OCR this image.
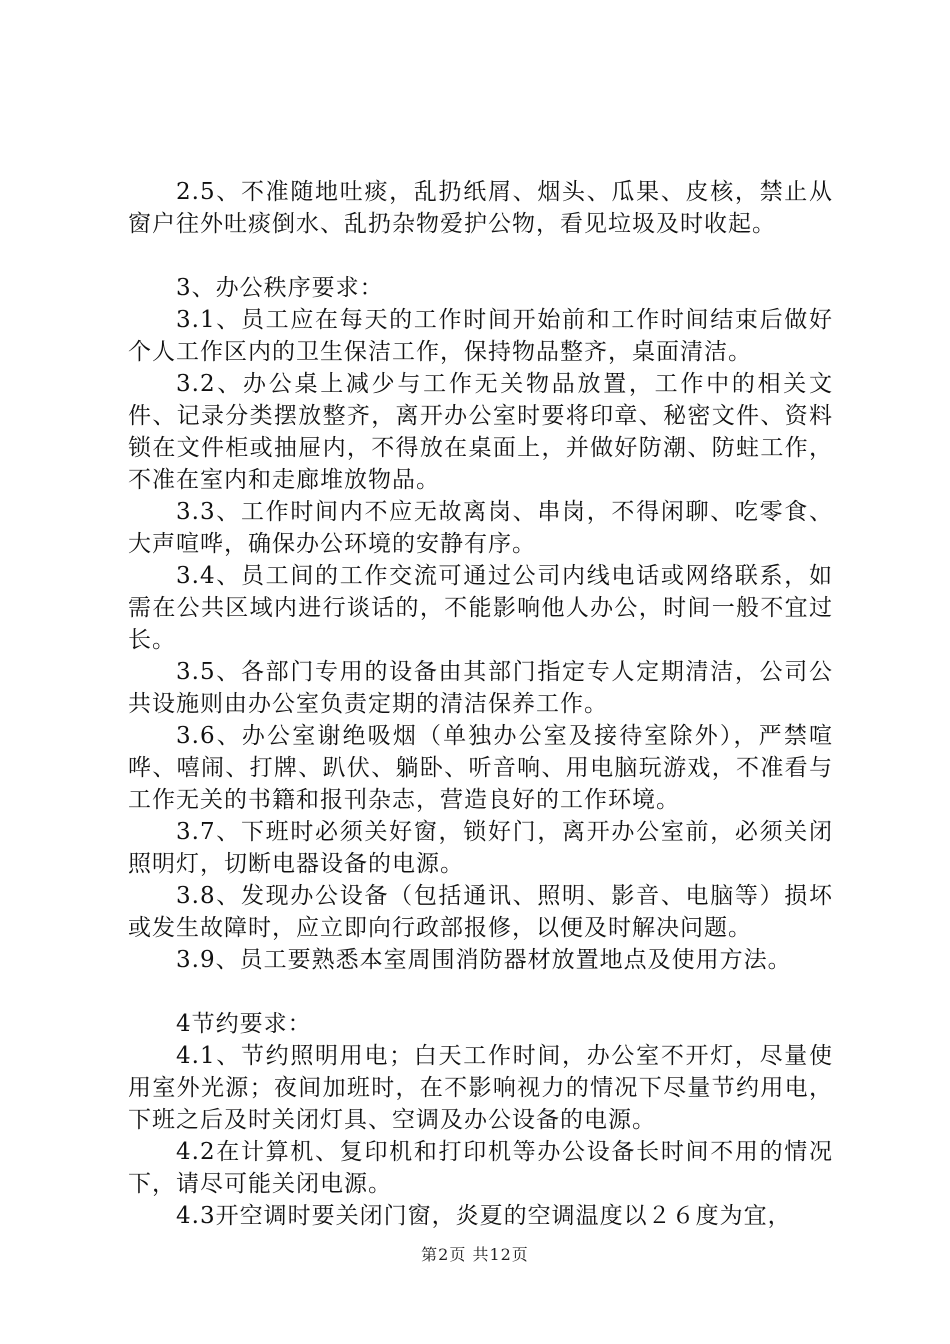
2.5、不准随地吐痰，乱扔纸屑、烟头、瓜果、皮核，禁止从窗户往外吐痰倒水、乱扔杂物爱护公物，看见垃圾及时收起。

3、办公秩序要求：

3.1、员工应在每天的工作时间开始前和工作时间结束后做好个人工作区内的卫生保洁工作，保持物品整齐，桌面清洁。

3.2、办公桌上减少与工作无关物品放置，工作中的相关文件、记录分类摆放整齐，离开办公室时要将印章、秘密文件、资料锁在文件柜或抽屉内，不得放在桌面上，并做好防潮、防蛀工作，不准在室内和走廊堆放物品。

3.3、工作时间内不应无故离岗、串岗，不得闲聊、吃零食、大声喧哗，确保办公环境的安静有序。

3.4、员工间的工作交流可通过公司内线电话或网络联系，如需在公共区域内进行谈话的，不能影响他人办公，时间一般不宜过长。

3.5、各部门专用的设备由其部门指定专人定期清洁，公司公共设施则由办公室负责定期的清洁保养工作。

3.6、办公室谢绝吸烟（单独办公室及接待室除外），严禁喧哗、嘻闹、打牌、趴伏、躺卧、听音响、用电脑玩游戏，不准看与工作无关的书籍和报刊杂志，营造良好的工作环境。

3.7、下班时必须关好窗，锁好门，离开办公室前，必须关闭照明灯，切断电器设备的电源。

3.8、发现办公设备（包括通讯、照明、影音、电脑等）损坏或发生故障时，应立即向行政部报修，以便及时解决问题。

3.9、员工要熟悉本室周围消防器材放置地点及使用方法。

4节约要求：

4.1、节约照明用电；白天工作时间，办公室不开灯，尽量使用室外光源；夜间加班时，在不影响视力的情况下尽量节约用电，下班之后及时关闭灯具、空调及办公设备的电源。

4.2在计算机、复印机和打印机等办公设备长时间不用的情况下，请尽可能关闭电源。

4.3开空调时要关闭门窗，炎夏的空调温度以２６度为宜，

第2页 共12页
